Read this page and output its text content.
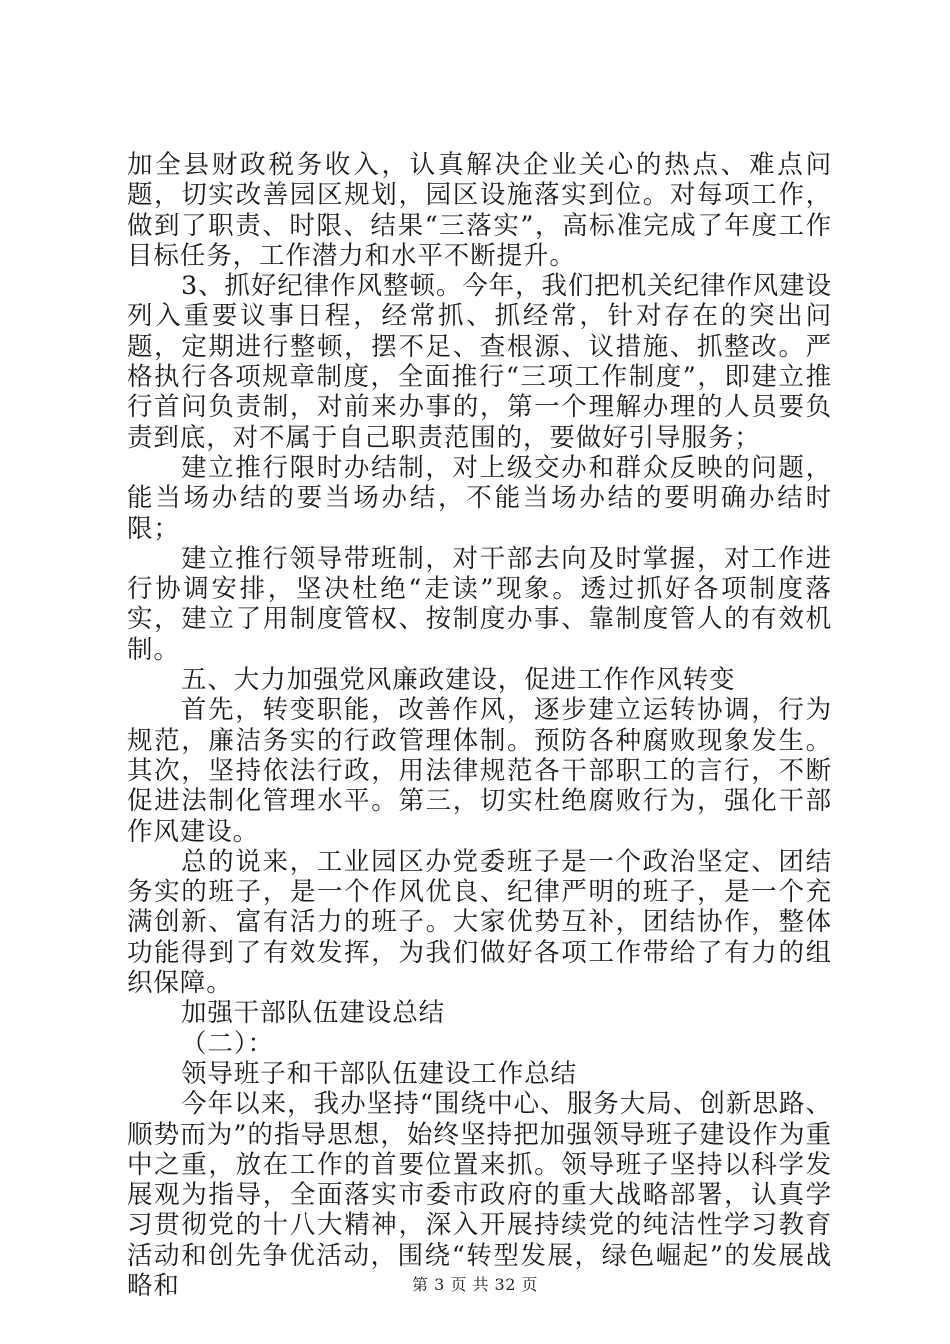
加全县财政税务收入，认真解决企业关心的热点、难点问题，切实改善园区规划，园区设施落实到位。对每项工作，做到了职责、时限、结果“三落实”，高标准完成了年度工作目标任务，工作潜力和水平不断提升。

3、抓好纪律作风整顿。今年，我们把机关纪律作风建设列入重要议事日程，经常抓、抓经常，针对存在的突出问题，定期进行整顿，摆不足、查根源、议措施、抓整改。严格执行各项规章制度，全面推行“三项工作制度”，即建立推行首问负责制，对前来办事的，第一个理解办理的人员要负责到底，对不属于自己职责范围的，要做好引导服务；

建立推行限时办结制，对上级交办和群众反映的问题，能当场办结的要当场办结，不能当场办结的要明确办结时限；

建立推行领导带班制，对干部去向及时掌握，对工作进行协调安排，坚决杜绝“走读”现象。透过抓好各项制度落实，建立了用制度管权、按制度办事、靠制度管人的有效机制。

五、大力加强党风廉政建设，促进工作作风转变

首先，转变职能，改善作风，逐步建立运转协调，行为规范，廉洁务实的行政管理体制。预防各种腐败现象发生。其次，坚持依法行政，用法律规范各干部职工的言行，不断促进法制化管理水平。第三，切实杜绝腐败行为，强化干部作风建设。

总的说来，工业园区办党委班子是一个政治坚定、团结务实的班子，是一个作风优良、纪律严明的班子，是一个充满创新、富有活力的班子。大家优势互补，团结协作，整体功能得到了有效发挥，为我们做好各项工作带给了有力的组织保障。

加强干部队伍建设总结

（二）：

领导班子和干部队伍建设工作总结

今年以来，我办坚持“围绕中心、服务大局、创新思路、顺势而为”的指导思想，始终坚持把加强领导班子建设作为重中之重，放在工作的首要位置来抓。领导班子坚持以科学发展观为指导，全面落实市委市政府的重大战略部署，认真学习贯彻党的十八大精神，深入开展持续党的纯洁性学习教育活动和创先争优活动，围绕“转型发展，绿色崛起”的发展战略和	第 3 页 共 32 页
